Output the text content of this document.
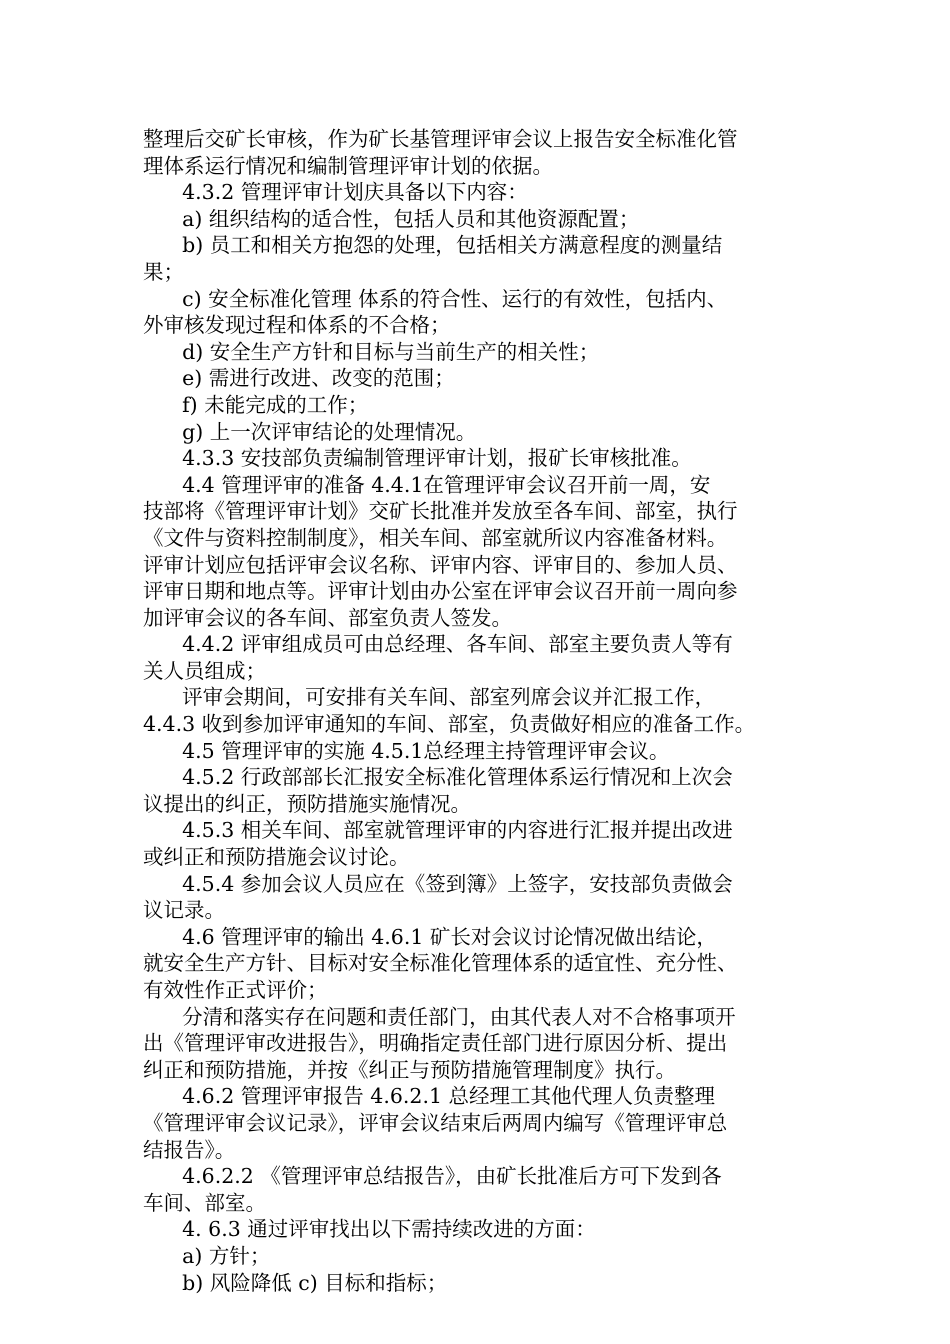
整理后交矿长审核，作为矿长基管理评审会议上报告安全标准化管
理体系运行情况和编制管理评审计划的依据。
4.3.2 管理评审计划庆具备以下内容：
a) 组织结构的适合性，包括人员和其他资源配置；
b) 员工和相关方抱怨的处理，包括相关方满意程度的测量结
果；
c) 安全标准化管理 体系的符合性、运行的有效性，包括内、
外审核发现过程和体系的不合格；
d) 安全生产方针和目标与当前生产的相关性；
e) 需进行改进、改变的范围；
f) 未能完成的工作；
g) 上一次评审结论的处理情况。
4.3.3 安技部负责编制管理评审计划，报矿长审核批准。
4.4 管理评审的准备 4.4.1在管理评审会议召开前一周，安
技部将《管理评审计划》交矿长批准并发放至各车间、部室，执行
《文件与资料控制制度》，相关车间、部室就所议内容准备材料。
评审计划应包括评审会议名称、评审内容、评审目的、参加人员、
评审日期和地点等。评审计划由办公室在评审会议召开前一周向参
加评审会议的各车间、部室负责人签发。
4.4.2 评审组成员可由总经理、各车间、部室主要负责人等有
关人员组成；
评审会期间，可安排有关车间、部室列席会议并汇报工作，
4.4.3 收到参加评审通知的车间、部室，负责做好相应的准备工作。
4.5 管理评审的实施 4.5.1总经理主持管理评审会议。
4.5.2 行政部部长汇报安全标准化管理体系运行情况和上次会
议提出的纠正，预防措施实施情况。
4.5.3 相关车间、部室就管理评审的内容进行汇报并提出改进
或纠正和预防措施会议讨论。
4.5.4 参加会议人员应在《签到簿》上签字，安技部负责做会
议记录。
4.6 管理评审的输出 4.6.1 矿长对会议讨论情况做出结论，
就安全生产方针、目标对安全标准化管理体系的适宜性、充分性、
有效性作正式评价；
分清和落实存在问题和责任部门，由其代表人对不合格事项开
出《管理评审改进报告》，明确指定责任部门进行原因分析、提出
纠正和预防措施，并按《纠正与预防措施管理制度》执行。
4.6.2 管理评审报告 4.6.2.1 总经理工其他代理人负责整理
《管理评审会议记录》，评审会议结束后两周内编写《管理评审总
结报告》。
4.6.2.2 《管理评审总结报告》，由矿长批准后方可下发到各
车间、部室。
4. 6.3 通过评审找出以下需持续改进的方面：
a) 方针；
b) 风险降低 c) 目标和指标；
